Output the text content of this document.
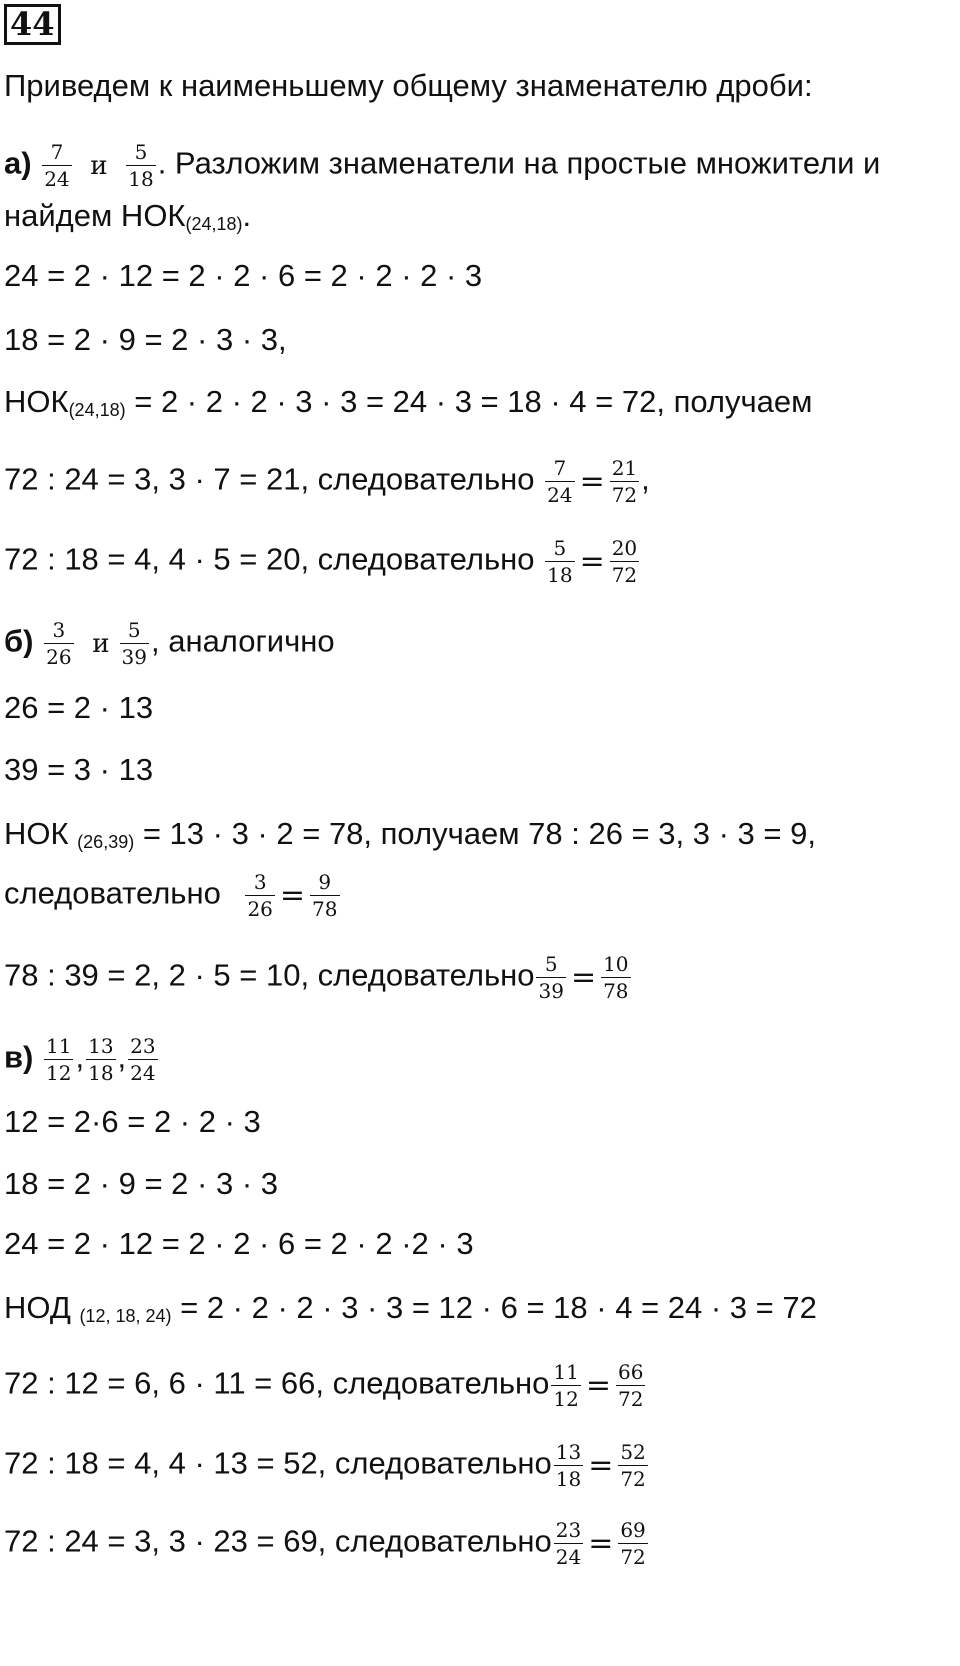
44
Приведем к наименьшему общему знаменателю дроби:
$а) \frac{7}{24}$ и $\frac{5}{18}$ . Разложим знаменатели на простые множители и
найдем $НОК_{(24,18)}$.
24 = 2 · 12 = 2 · 2 · 6 = 2 · 2 · 2 · 3
18 = 2 · 9 = 2 · 3 · 3,
$НОК_{(24,18)} = 2 \cdot 2 \cdot 2 \cdot 3 \cdot 3 = 24 \cdot 3 = 18 \cdot 4 = 72$, получаем
72 : 24 = 3, 3 · 7 = 21, следовательно $\frac{7}{24} = \frac{21}{72}$ ,
72 : 18 = 4, 4 · 5 = 20, следовательно $\frac{5}{18} = \frac{20}{72}$
$б) \frac{3}{26}$ и $\frac{5}{39}$ , аналогично
26 = 2 · 13
39 = 3 · 13
НОК $_{(26,39)}$ = 13 · 3 · 2 = 78, получаем 78 : 26 = 3, 3 · 3 = 9,
следовательно $\frac{3}{26} = \frac{9}{78}$
78 : 39 = 2, 2 · 5 = 10, следовательно $\frac{5}{39} = \frac{10}{78}$
$в) \frac{11}{12}$ , $\frac{13}{18}$ , $\frac{23}{24}$
12 = 2·6 = 2 · 2 · 3
18 = 2 · 9 = 2 · 3 · 3
24 = 2 · 12 = 2 · 2 · 6 = 2 · 2 ·2 · 3
НОД $_{(12, 18, 24)}$ = 2 · 2 · 2 · 3 · 3 = 12 · 6 = 18 · 4 = 24 · 3 = 72
72 : 12 = 6, 6 · 11 = 66, следовательно $\frac{11}{12} = \frac{66}{72}$
72 : 18 = 4, 4 · 13 = 52, следовательно $\frac{13}{18} = \frac{52}{72}$
72 : 24 = 3, 3 · 23 = 69, следовательно $\frac{23}{24} = \frac{69}{72}$
